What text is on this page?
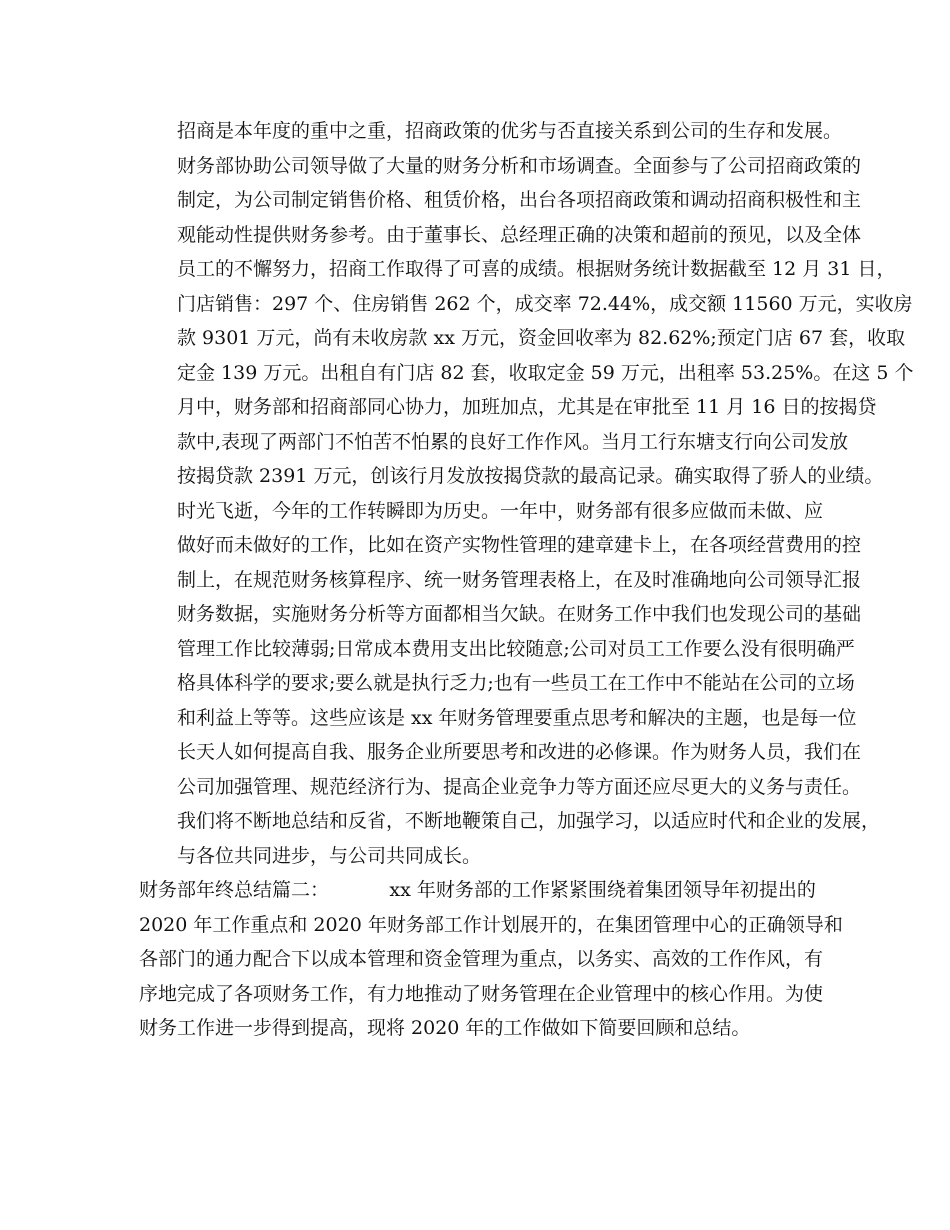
招商是本年度的重中之重，招商政策的优劣与否直接关系到公司的生存和发展。
财务部协助公司领导做了大量的财务分析和市场调查。全面参与了公司招商政策的
制定，为公司制定销售价格、租赁价格，出台各项招商政策和调动招商积极性和主
观能动性提供财务参考。由于董事长、总经理正确的决策和超前的预见，以及全体
员工的不懈努力，招商工作取得了可喜的成绩。根据财务统计数据截至 12 月 31 日，
门店销售：297 个、住房销售 262 个，成交率 72.44%，成交额 11560 万元，实收房
款 9301 万元，尚有未收房款 xx 万元，资金回收率为 82.62%;预定门店 67 套，收取
定金 139 万元。出租自有门店 82 套，收取定金 59 万元，出租率 53.25%。在这 5 个
月中，财务部和招商部同心协力，加班加点，尤其是在审批至 11 月 16 日的按揭贷
款中,表现了两部门不怕苦不怕累的良好工作作风。当月工行东塘支行向公司发放
按揭贷款 2391 万元，创该行月发放按揭贷款的最高记录。确实取得了骄人的业绩。

时光飞逝，今年的工作转瞬即为历史。一年中，财务部有很多应做而未做、应
做好而未做好的工作，比如在资产实物性管理的建章建卡上，在各项经营费用的控
制上，在规范财务核算程序、统一财务管理表格上，在及时准确地向公司领导汇报
财务数据，实施财务分析等方面都相当欠缺。在财务工作中我们也发现公司的基础
管理工作比较薄弱;日常成本费用支出比较随意;公司对员工工作要么没有很明确严
格具体科学的要求;要么就是执行乏力;也有一些员工在工作中不能站在公司的立场
和利益上等等。这些应该是 xx 年财务管理要重点思考和解决的主题，也是每一位
长天人如何提高自我、服务企业所要思考和改进的必修课。作为财务人员，我们在
公司加强管理、规范经济行为、提高企业竞争力等方面还应尽更大的义务与责任。
我们将不断地总结和反省，不断地鞭策自己，加强学习，以适应时代和企业的发展，
与各位共同进步，与公司共同成长。

财务部年终总结篇二：	xx 年财务部的工作紧紧围绕着集团领导年初提出的
2020 年工作重点和 2020 年财务部工作计划展开的，在集团管理中心的正确领导和
各部门的通力配合下以成本管理和资金管理为重点，以务实、高效的工作作风，有
序地完成了各项财务工作，有力地推动了财务管理在企业管理中的核心作用。为使
财务工作进一步得到提高，现将 2020 年的工作做如下简要回顾和总结。
